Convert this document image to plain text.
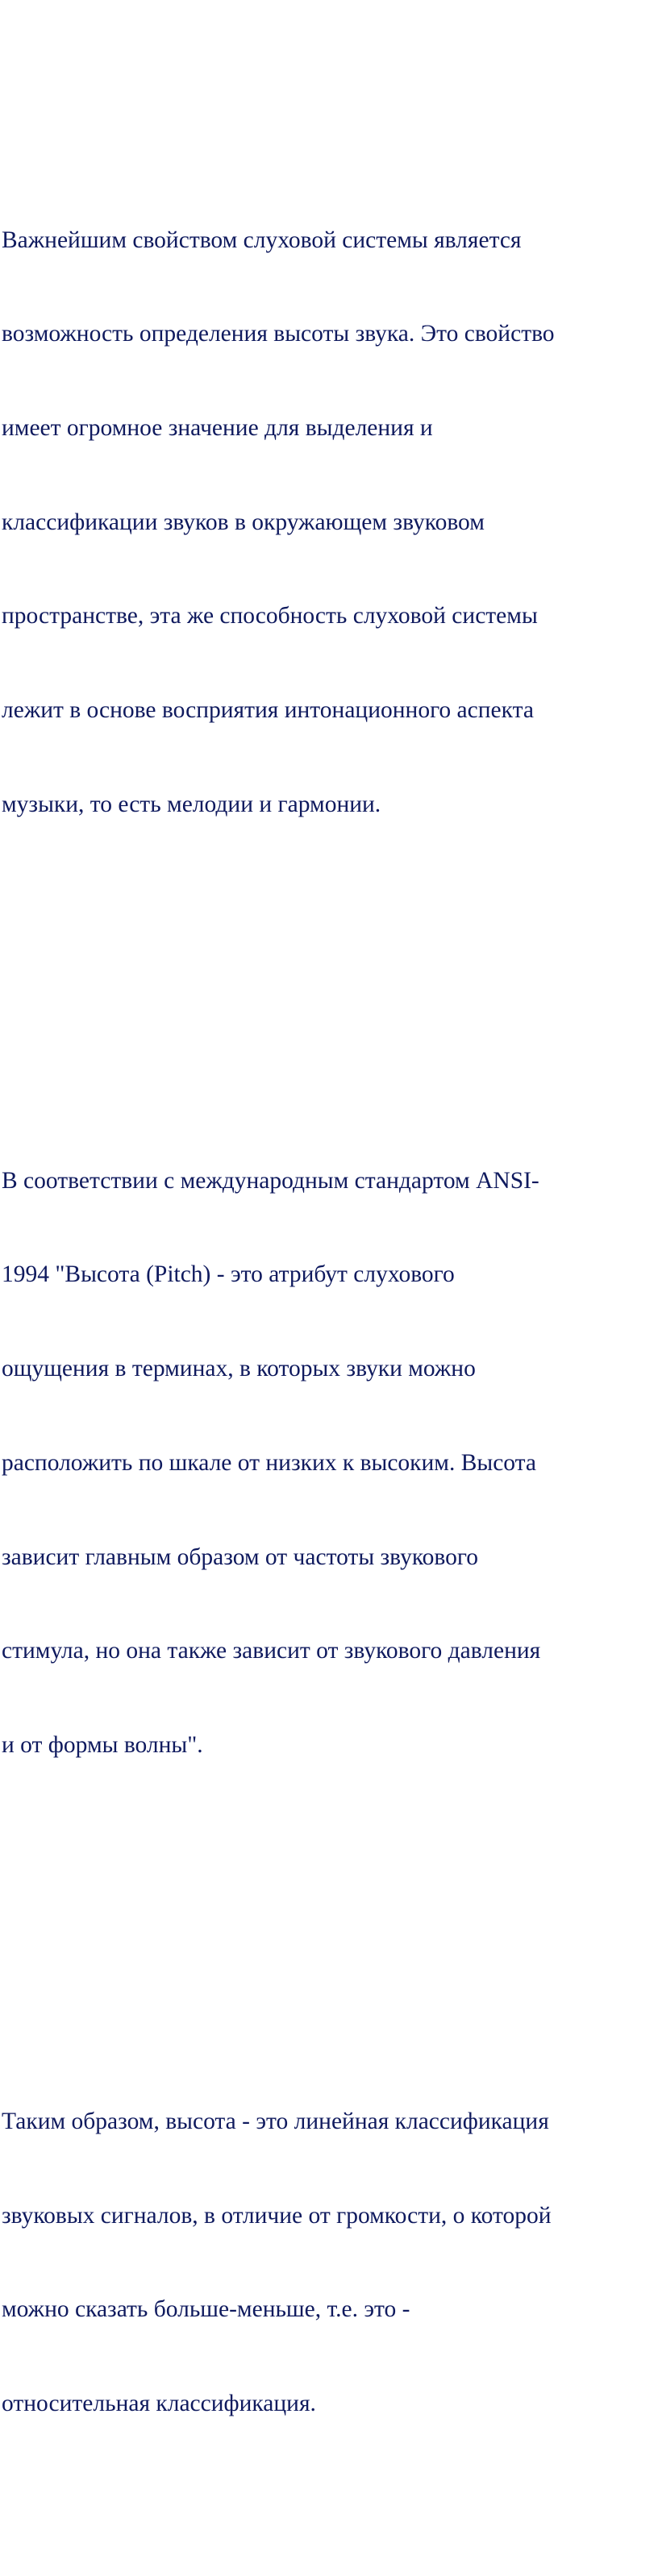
Важнейшим свойством слуховой системы является

возможность определения высоты звука. Это свойство

имеет огромное значение для выделения и

классификации звуков в окружающем звуковом

пространстве, эта же способность слуховой системы

лежит в основе восприятия интонационного аспекта

музыки, то есть мелодии и гармонии.

В соответствии с международным стандартом ANSI-

1994 "Высота (Pitch) - это атрибут слухового

ощущения в терминах, в которых звуки можно

расположить по шкале от низких к высоким. Высота

зависит главным образом от частоты звукового

стимула, но она также зависит от звукового давления

и от формы волны".

Таким образом, высота - это линейная классификация

звуковых сигналов, в отличие от громкости, о которой

можно сказать больше-меньше, т.е. это -

относительная классификация.
